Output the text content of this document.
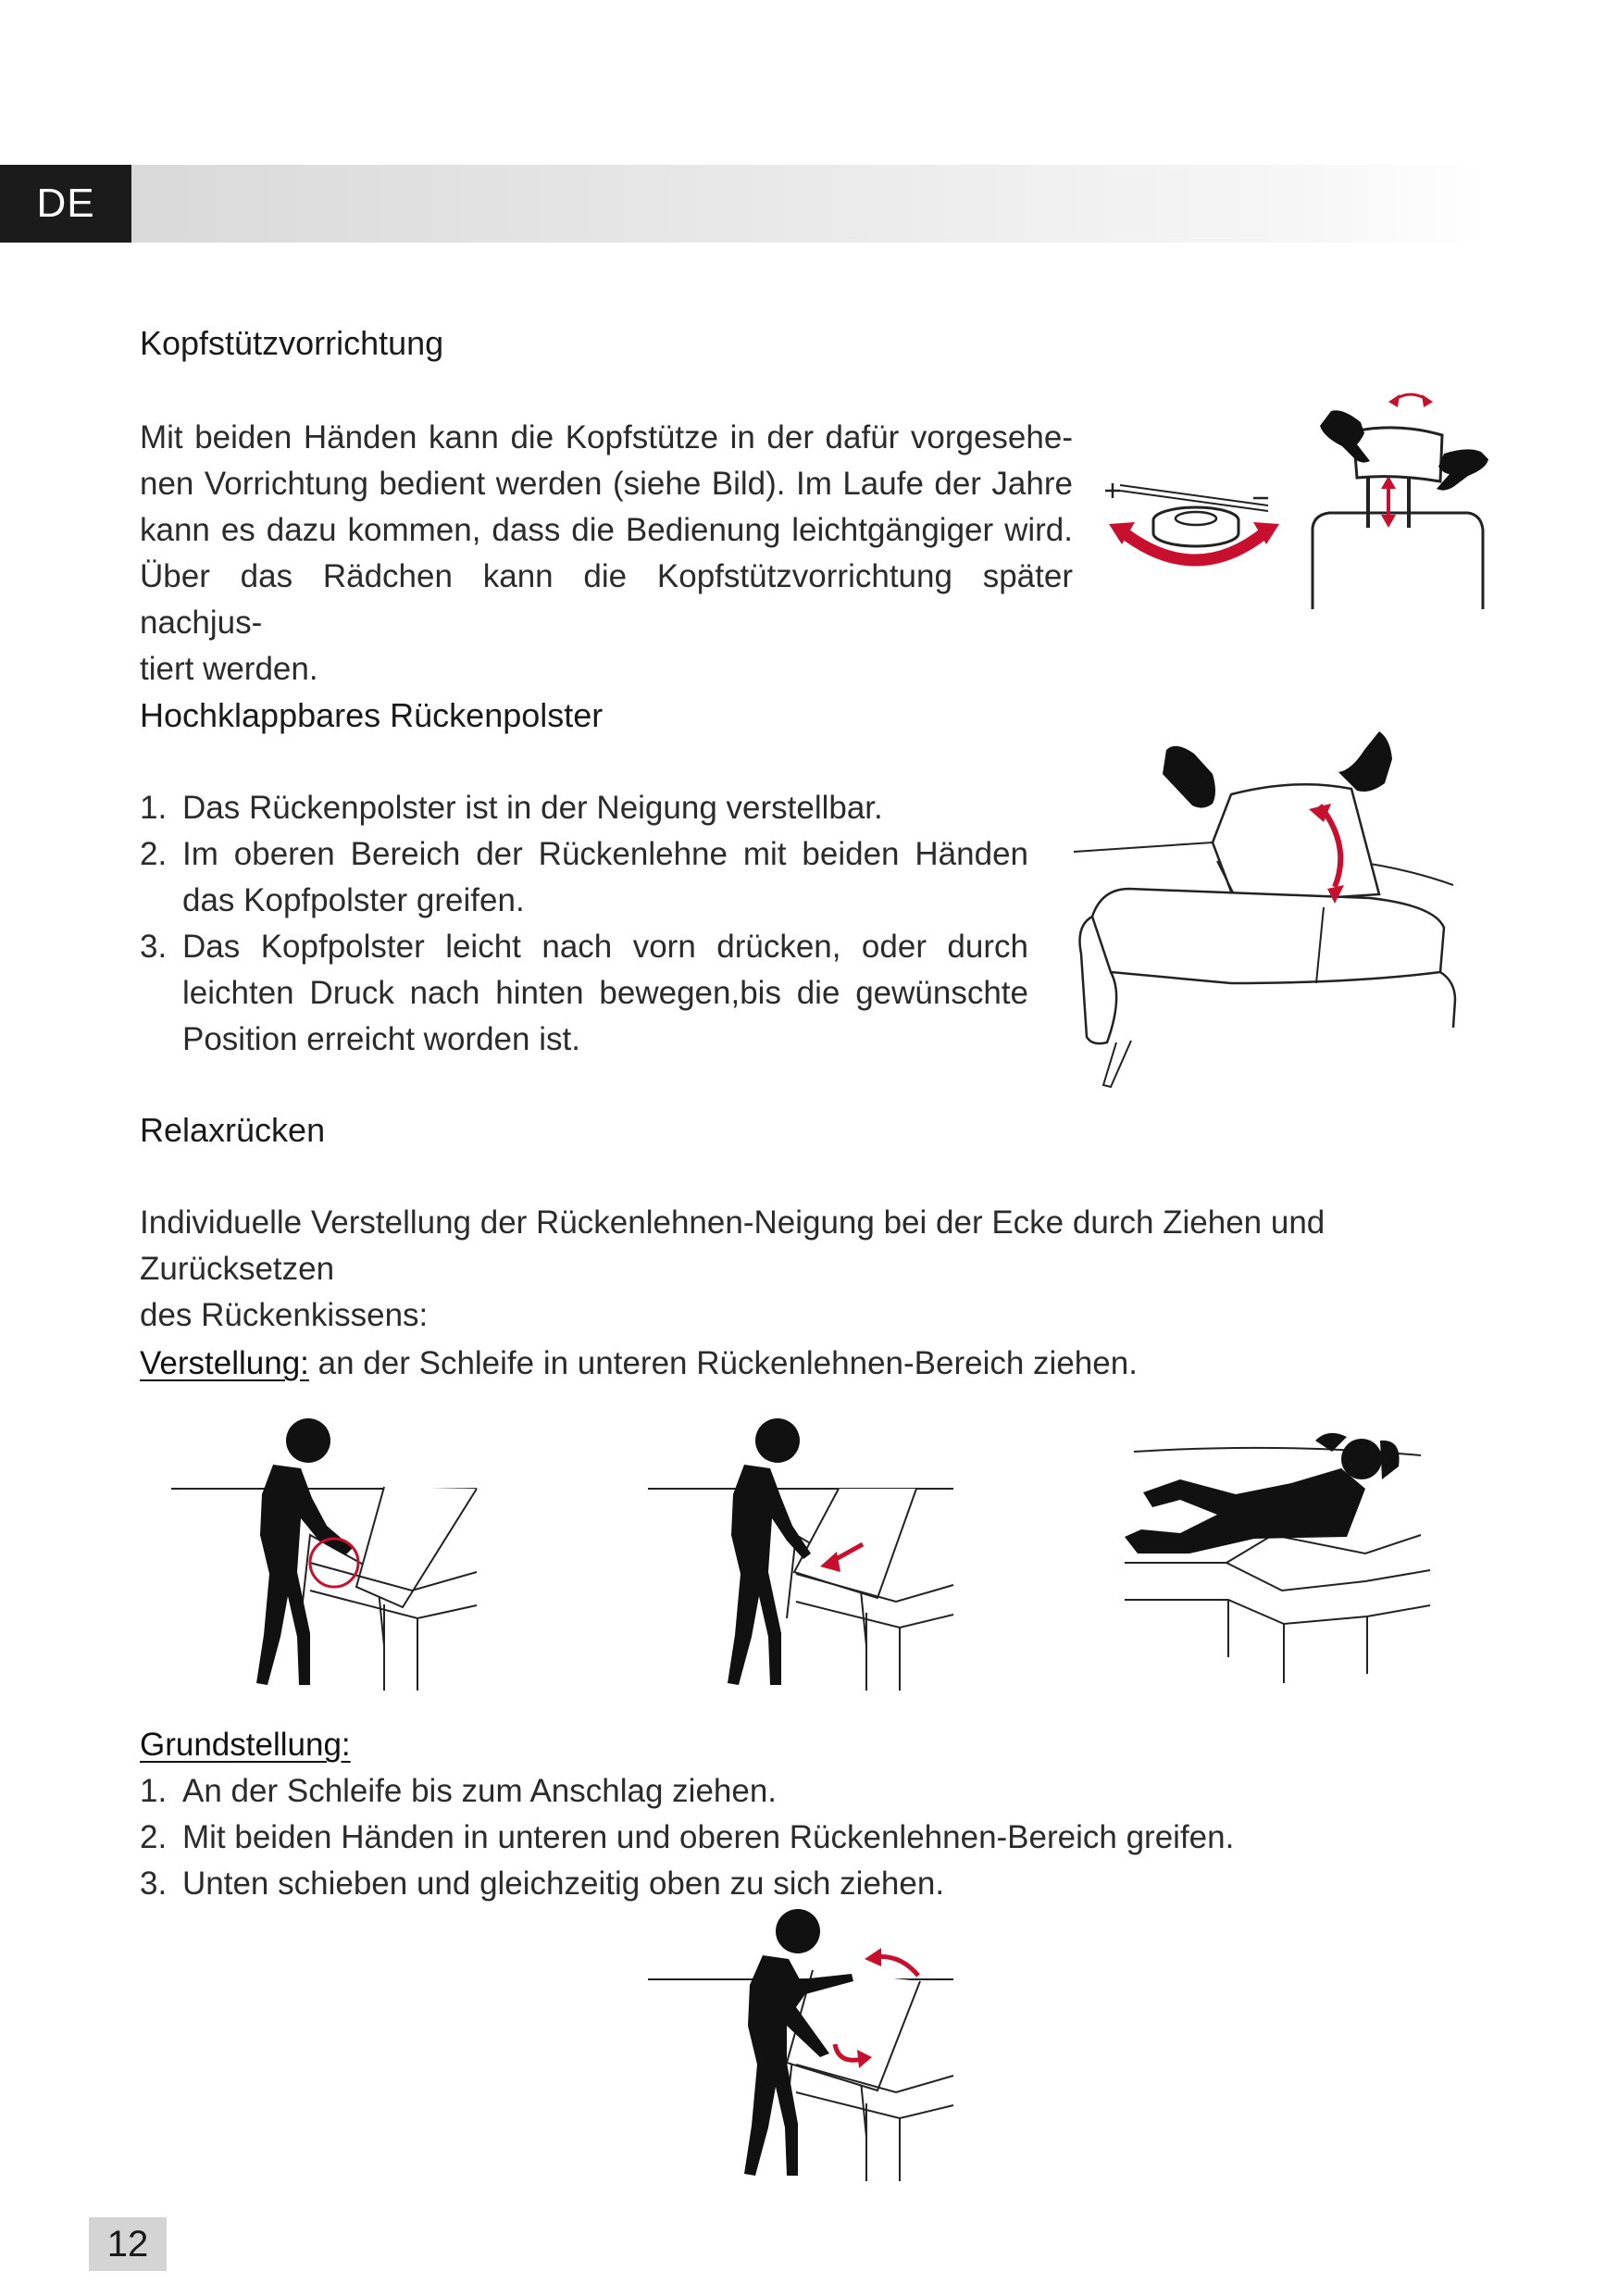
DE
Kopfstützvorrichtung
Mit beiden Händen kann die Kopfstütze in der dafür vorgesehe-
nen Vorrichtung bedient werden (siehe Bild). Im Laufe der Jahre
kann es dazu kommen, dass die Bedienung leichtgängiger wird.
Über das Rädchen kann die Kopfstützvorrichtung später nachjus-
tiert werden.
Hochklappbares Rückenpolster
1. Das Rückenpolster ist in der Neigung verstellbar.
2. Im oberen Bereich der Rückenlehne mit beiden Händen das Kopfpolster greifen.
3. Das Kopfpolster leicht nach vorn drücken, oder durch leichten Druck nach hinten bewegen,bis die gewünschte Position erreicht worden ist.
Relaxrücken
Individuelle Verstellung der Rückenlehnen-Neigung bei der Ecke durch Ziehen und Zurücksetzen
des Rückenkissens:
Verstellung: an der Schleife in unteren Rückenlehnen-Bereich ziehen.
Grundstellung:
1. An der Schleife bis zum Anschlag ziehen.
2. Mit beiden Händen in unteren und oberen Rückenlehnen-Bereich greifen.
3. Unten schieben und gleichzeitig oben zu sich ziehen.
12
